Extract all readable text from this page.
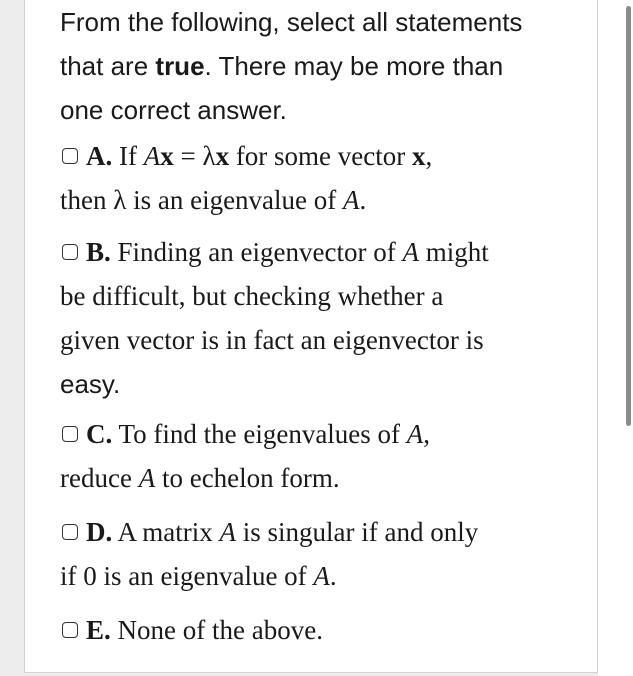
From the following, select all statements
that are true. There may be more than
one correct answer.
A. If Ax = λx for some vector x,
then λ is an eigenvalue of A.
B. Finding an eigenvector of A might
be difficult, but checking whether a
given vector is in fact an eigenvector is
easy.
C. To find the eigenvalues of A,
reduce A to echelon form.
D. A matrix A is singular if and only
if 0 is an eigenvalue of A.
E. None of the above.
